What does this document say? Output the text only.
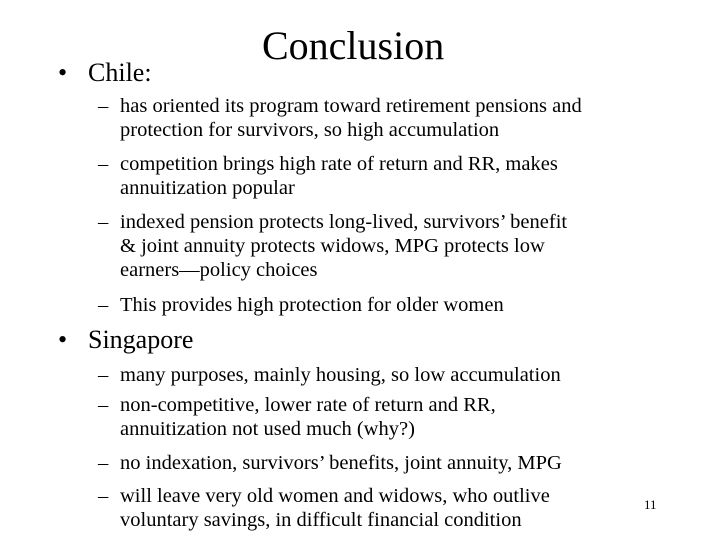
Conclusion
• Chile:
– has oriented its program toward retirement pensions and
protection for survivors, so high accumulation
– competition brings high rate of return and RR, makes
annuitization popular
– indexed pension protects long-lived, survivors’ benefit
& joint annuity protects widows, MPG protects low
earners—policy choices
– This provides high protection for older women
• Singapore
– many purposes, mainly housing, so low accumulation
– non-competitive, lower rate of return and RR,
annuitization not used much (why?)
– no indexation, survivors’ benefits, joint annuity, MPG
– will leave very old women and widows, who outlive
voluntary savings, in difficult financial condition
11
